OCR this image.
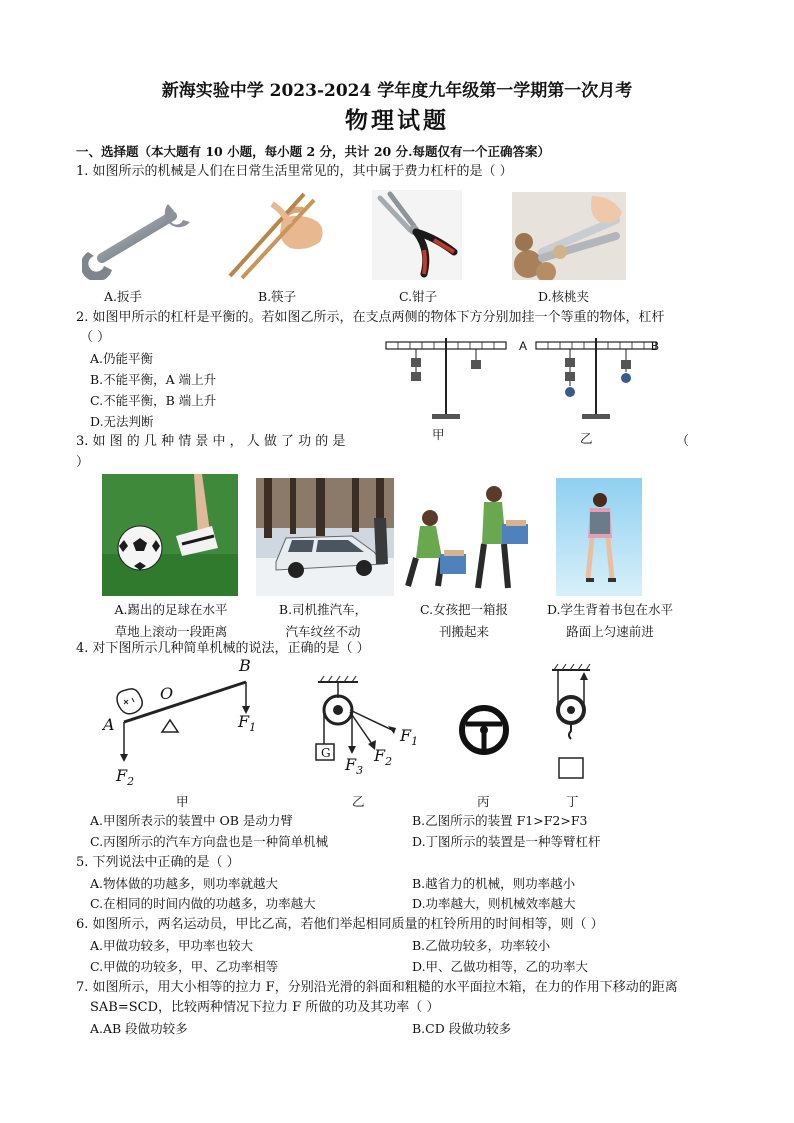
新海实验中学 2023-2024 学年度九年级第一学期第一次月考
物理试题
一、选择题（本大题有 10 小题，每小题 2 分，共计 20 分.每题仅有一个正确答案）
1. 如图所示的机械是人们在日常生活里常见的，其中属于费力杠杆的是（ ）
A.扳手	B.筷子	C.钳子	D.核桃夹
2. 如图甲所示的杠杆是平衡的。若如图乙所示，在支点两侧的物体下方分别加挂一个等重的物体，杠杆
（ ）
A.仍能平衡
B.不能平衡，A 端上升
C.不能平衡，B 端上升
D.无法判断
A	B
甲	乙
3. 如 图 的 几 种 情 景 中 ， 人 做 了 功 的 是	（
）
A.踢出的足球在水平
草地上滚动一段距离
B.司机推汽车，
汽车纹丝不动
C.女孩把一箱报
刊搬起来
D.学生背着书包在水平
路面上匀速前进
4. 对下图所示几种简单机械的说法，正确的是（ ）
A
B
O
$F_1$
$F_2$
G
$F_1$
$F_2$
$F_3$
甲	乙	丙	丁
A.甲图所表示的装置中 OB 是动力臂	B.乙图所示的装置 F1>F2>F3
C.丙图所示的汽车方向盘也是一种简单机械	D.丁图所示的装置是一种等臂杠杆
5. 下列说法中正确的是（ ）
A.物体做的功越多，则功率就越大	B.越省力的机械，则功率越小
C.在相同的时间内做的功越多，功率越大	D.功率越大，则机械效率越大
6. 如图所示，两名运动员，甲比乙高，若他们举起相同质量的杠铃所用的时间相等，则（ ）
A.甲做功较多，甲功率也较大	B.乙做功较多，功率较小
C.甲做的功较多，甲、乙功率相等	D.甲、乙做功相等，乙的功率大
7. 如图所示，用大小相等的拉力 F，分别沿光滑的斜面和粗糙的水平面拉木箱，在力的作用下移动的距离
SAB=SCD，比较两种情况下拉力 F 所做的功及其功率（ ）
A.AB 段做功较多	B.CD 段做功较多
